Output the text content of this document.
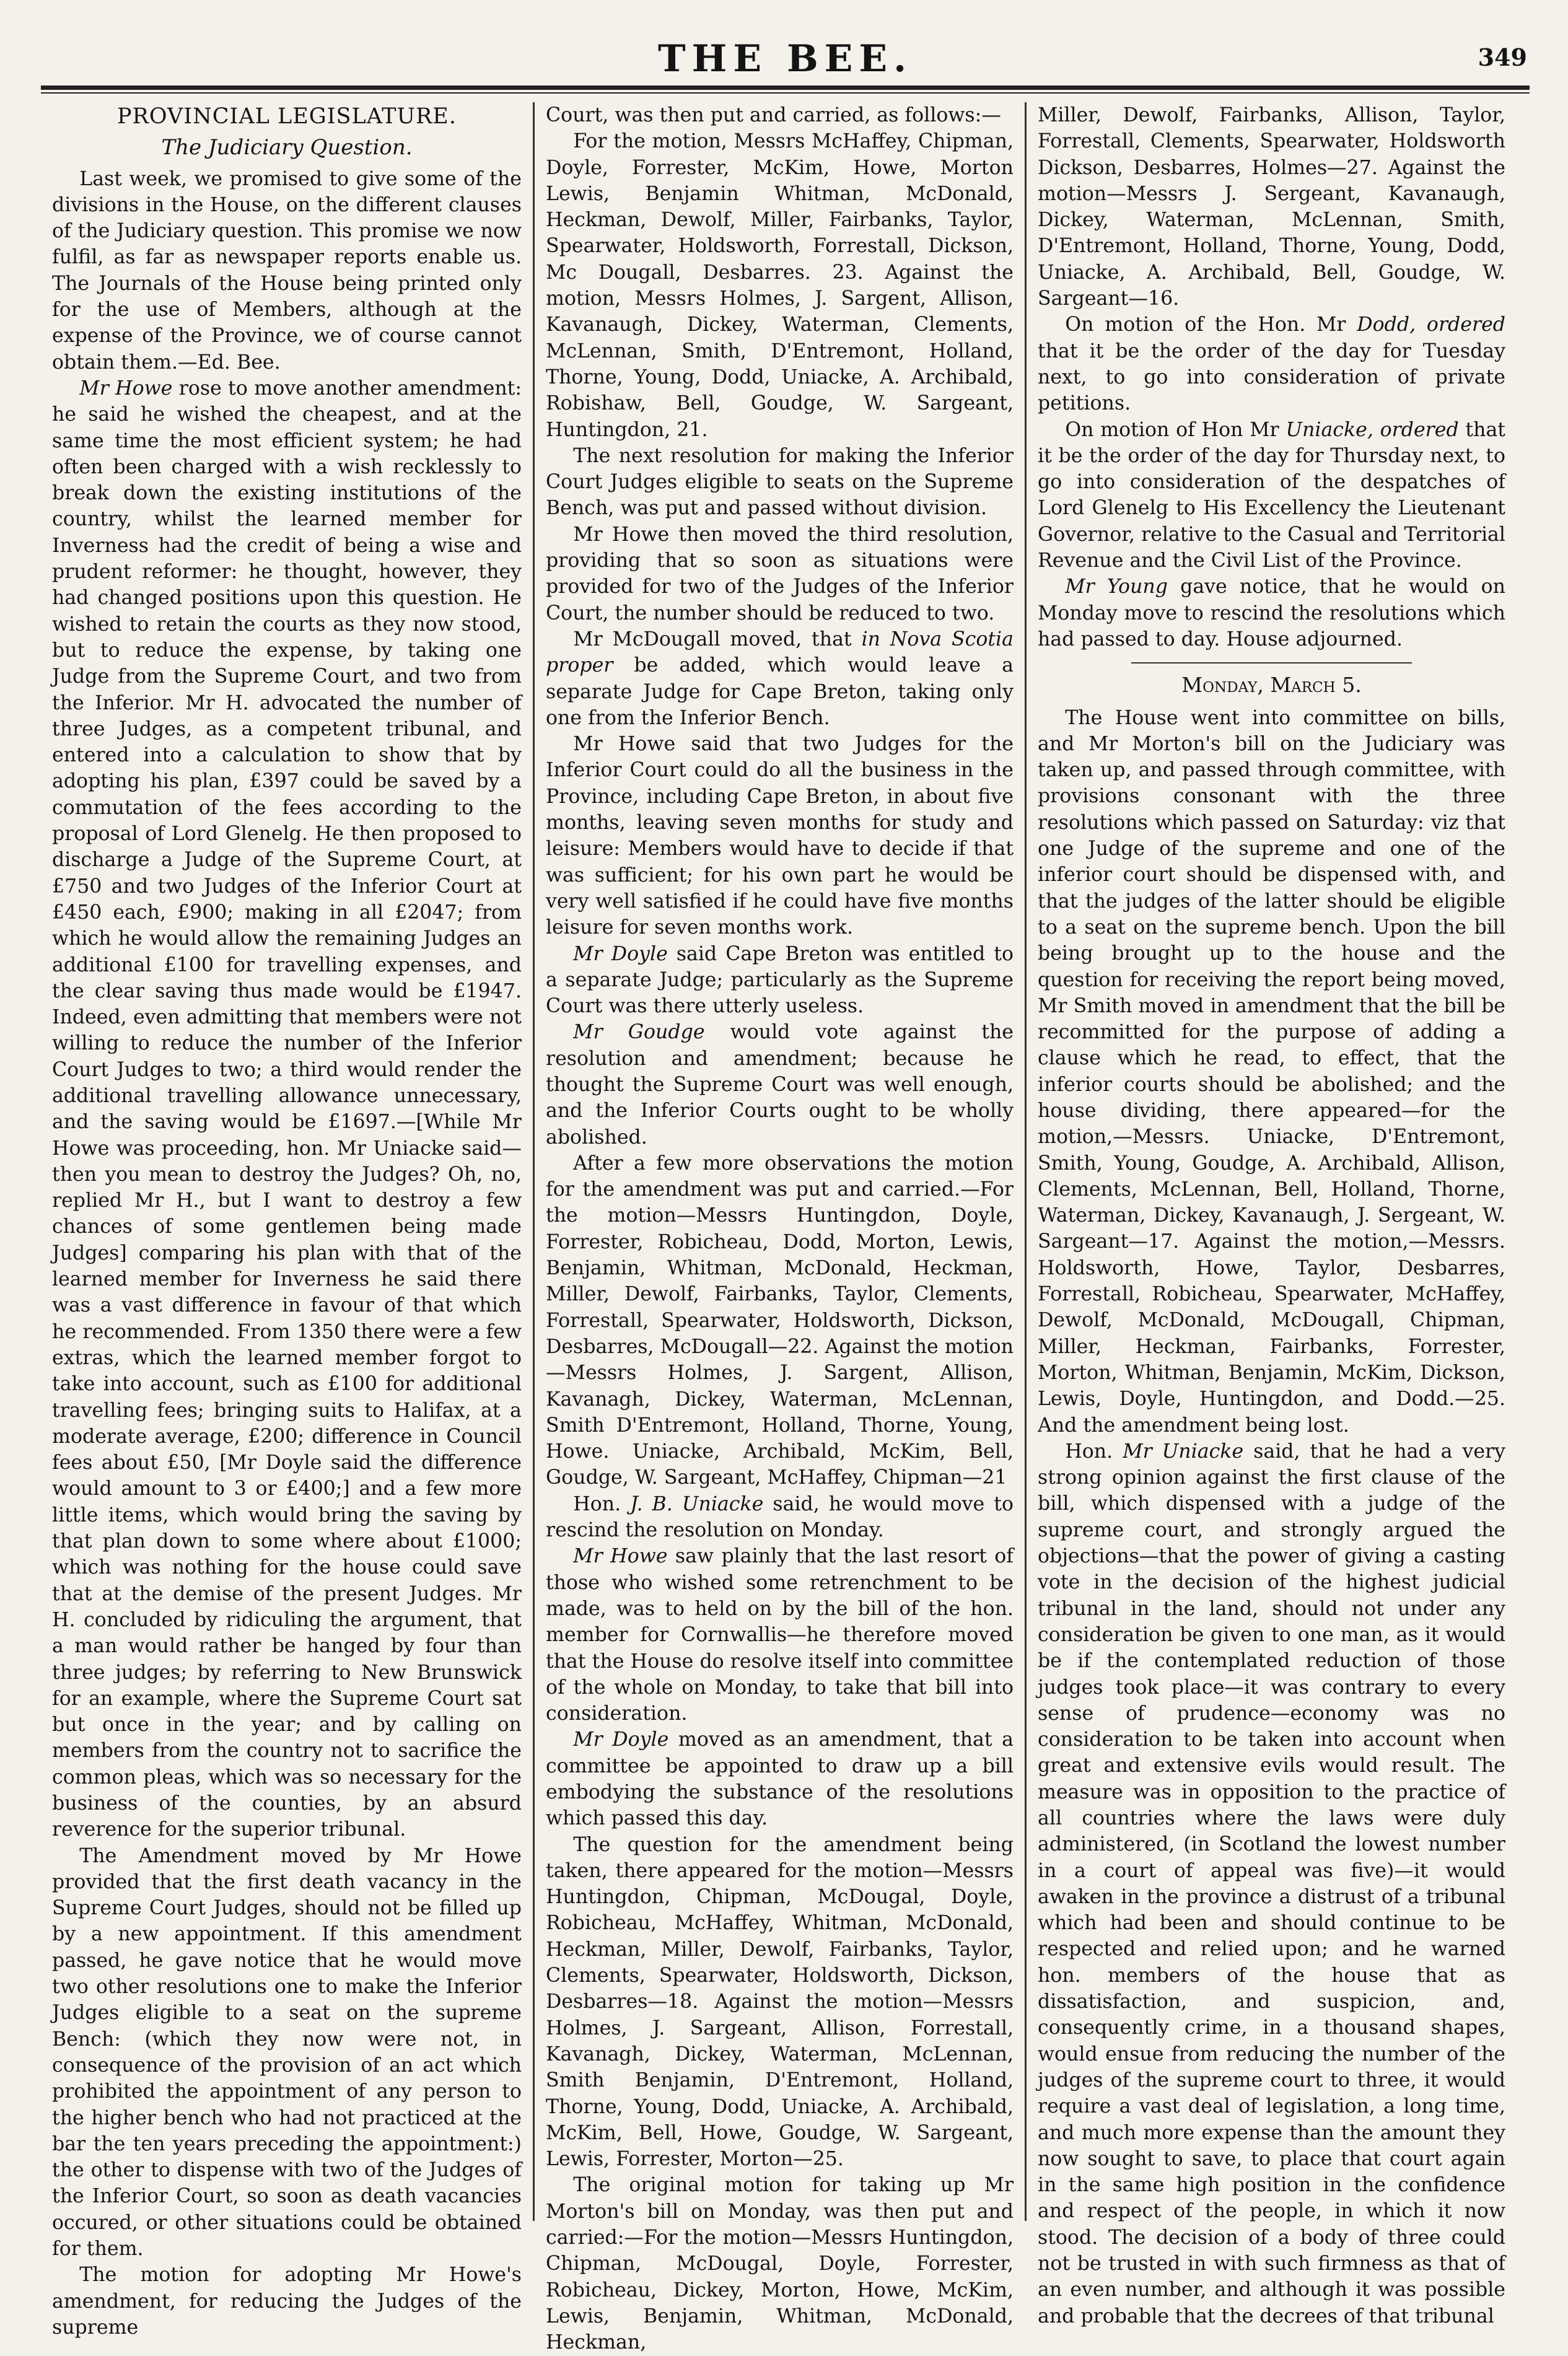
THE BEE.	349
PROVINCIAL LEGISLATURE.
The Judiciary Question.

Last week, we promised to give some of the divisions in the House, on the different clauses of the Judiciary question. This promise we now fulfil, as far as newspaper reports enable us. The Journals of the House being printed only for the use of Members, although at the expense of the Province, we of course cannot obtain them.—Ed. Bee.

Mr Howe rose to move another amendment: he said he wished the cheapest, and at the same time the most efficient system; he had often been charged with a wish recklessly to break down the existing institutions of the country, whilst the learned member for Inverness had the credit of being a wise and prudent reformer: he thought, however, they had changed positions upon this question. He wished to retain the courts as they now stood, but to reduce the expense, by taking one Judge from the Supreme Court, and two from the Inferior. Mr H. advocated the number of three Judges, as a competent tribunal, and entered into a calculation to show that by adopting his plan, £397 could be saved by a commutation of the fees according to the proposal of Lord Glenelg. He then proposed to discharge a Judge of the Supreme Court, at £750 and two Judges of the Inferior Court at £450 each, £900; making in all £2047; from which he would allow the remaining Judges an additional £100 for travelling expenses, and the clear saving thus made would be £1947. Indeed, even admitting that members were not willing to reduce the number of the Inferior Court Judges to two; a third would render the additional travelling allowance unnecessary, and the saving would be £1697.—[While Mr Howe was proceeding, hon. Mr Uniacke said—then you mean to destroy the Judges? Oh, no, replied Mr H., but I want to destroy a few chances of some gentlemen being made Judges] comparing his plan with that of the learned member for Inverness he said there was a vast difference in favour of that which he recommended. From 1350 there were a few extras, which the learned member forgot to take into account, such as £100 for additional travelling fees; bringing suits to Halifax, at a moderate average, £200; difference in Council fees about £50, [Mr Doyle said the difference would amount to 3 or £400;] and a few more little items, which would bring the saving by that plan down to some where about £1000; which was nothing for the house could save that at the demise of the present Judges. Mr H. concluded by ridiculing the argument, that a man would rather be hanged by four than three judges; by referring to New Brunswick for an example, where the Supreme Court sat but once in the year; and by calling on members from the country not to sacrifice the common pleas, which was so necessary for the business of the counties, by an absurd reverence for the superior tribunal.

The Amendment moved by Mr Howe provided that the first death vacancy in the Supreme Court Judges, should not be filled up by a new appointment. If this amendment passed, he gave notice that he would move two other resolutions one to make the Inferior Judges eligible to a seat on the supreme Bench: (which they now were not, in consequence of the provision of an act which prohibited the appointment of any person to the higher bench who had not practiced at the bar the ten years preceding the appointment:) the other to dispense with two of the Judges of the Inferior Court, so soon as death vacancies occured, or other situations could be obtained for them.

The motion for adopting Mr Howe's amendment, for reducing the Judges of the supreme

Court, was then put and carried, as follows:—

For the motion, Messrs McHaffey, Chipman, Doyle, Forrester, McKim, Howe, Morton Lewis, Benjamin Whitman, McDonald, Heckman, Dewolf, Miller, Fairbanks, Taylor, Spearwater, Holdsworth, Forrestall, Dickson, Mc Dougall, Desbarres. 23. Against the motion, Messrs Holmes, J. Sargent, Allison, Kavanaugh, Dickey, Waterman, Clements, McLennan, Smith, D'Entremont, Holland, Thorne, Young, Dodd, Uniacke, A. Archibald, Robishaw, Bell, Goudge, W. Sargeant, Huntingdon, 21.

The next resolution for making the Inferior Court Judges eligible to seats on the Supreme Bench, was put and passed without division.

Mr Howe then moved the third resolution, providing that so soon as situations were provided for two of the Judges of the Inferior Court, the number should be reduced to two.

Mr McDougall moved, that in Nova Scotia proper be added, which would leave a separate Judge for Cape Breton, taking only one from the Inferior Bench.

Mr Howe said that two Judges for the Inferior Court could do all the business in the Province, including Cape Breton, in about five months, leaving seven months for study and leisure: Members would have to decide if that was sufficient; for his own part he would be very well satisfied if he could have five months leisure for seven months work.

Mr Doyle said Cape Breton was entitled to a separate Judge; particularly as the Supreme Court was there utterly useless.

Mr Goudge would vote against the resolution and amendment; because he thought the Supreme Court was well enough, and the Inferior Courts ought to be wholly abolished.

After a few more observations the motion for the amendment was put and carried.—For the motion—Messrs Huntingdon, Doyle, Forrester, Robicheau, Dodd, Morton, Lewis, Benjamin, Whitman, McDonald, Heckman, Miller, Dewolf, Fairbanks, Taylor, Clements, Forrestall, Spearwater, Holdsworth, Dickson, Desbarres, McDougall—22. Against the motion—Messrs Holmes, J. Sargent, Allison, Kavanagh, Dickey, Waterman, McLennan, Smith D'Entremont, Holland, Thorne, Young, Howe. Uniacke, Archibald, McKim, Bell, Goudge, W. Sargeant, McHaffey, Chipman—21

Hon. J. B. Uniacke said, he would move to rescind the resolution on Monday.

Mr Howe saw plainly that the last resort of those who wished some retrenchment to be made, was to held on by the bill of the hon. member for Cornwallis—he therefore moved that the House do resolve itself into committee of the whole on Monday, to take that bill into consideration.

Mr Doyle moved as an amendment, that a committee be appointed to draw up a bill embodying the substance of the resolutions which passed this day.

The question for the amendment being taken, there appeared for the motion—Messrs Huntingdon, Chipman, McDougal, Doyle, Robicheau, McHaffey, Whitman, McDonald, Heckman, Miller, Dewolf, Fairbanks, Taylor, Clements, Spearwater, Holdsworth, Dickson, Desbarres—18. Against the motion—Messrs Holmes, J. Sargeant, Allison, Forrestall, Kavanagh, Dickey, Waterman, McLennan, Smith Benjamin, D'Entremont, Holland, Thorne, Young, Dodd, Uniacke, A. Archibald, McKim, Bell, Howe, Goudge, W. Sargeant, Lewis, Forrester, Morton—25.

The original motion for taking up Mr Morton's bill on Monday, was then put and carried:—For the motion—Messrs Huntingdon, Chipman, McDougal, Doyle, Forrester, Robicheau, Dickey, Morton, Howe, McKim, Lewis, Benjamin, Whitman, McDonald, Heckman,

Miller, Dewolf, Fairbanks, Allison, Taylor, Forrestall, Clements, Spearwater, Holdsworth Dickson, Desbarres, Holmes—27. Against the motion—Messrs J. Sergeant, Kavanaugh, Dickey, Waterman, McLennan, Smith, D'Entremont, Holland, Thorne, Young, Dodd, Uniacke, A. Archibald, Bell, Goudge, W. Sargeant—16.

On motion of the Hon. Mr Dodd, ordered that it be the order of the day for Tuesday next, to go into consideration of private petitions.

On motion of Hon Mr Uniacke, ordered that it be the order of the day for Thursday next, to go into consideration of the despatches of Lord Glenelg to His Excellency the Lieutenant Governor, relative to the Casual and Territorial Revenue and the Civil List of the Province.

Mr Young gave notice, that he would on Monday move to rescind the resolutions which had passed to day. House adjourned.

Monday, March 5.

The House went into committee on bills, and Mr Morton's bill on the Judiciary was taken up, and passed through committee, with provisions consonant with the three resolutions which passed on Saturday: viz that one Judge of the supreme and one of the inferior court should be dispensed with, and that the judges of the latter should be eligible to a seat on the supreme bench. Upon the bill being brought up to the house and the question for receiving the report being moved, Mr Smith moved in amendment that the bill be recommitted for the purpose of adding a clause which he read, to effect, that the inferior courts should be abolished; and the house dividing, there appeared—for the motion,—Messrs. Uniacke, D'Entremont, Smith, Young, Goudge, A. Archibald, Allison, Clements, McLennan, Bell, Holland, Thorne, Waterman, Dickey, Kavanaugh, J. Sergeant, W. Sargeant—17. Against the motion,—Messrs. Holdsworth, Howe, Taylor, Desbarres, Forrestall, Robicheau, Spearwater, McHaffey, Dewolf, McDonald, McDougall, Chipman, Miller, Heckman, Fairbanks, Forrester, Morton, Whitman, Benjamin, McKim, Dickson, Lewis, Doyle, Huntingdon, and Dodd.—25. And the amendment being lost.

Hon. Mr Uniacke said, that he had a very strong opinion against the first clause of the bill, which dispensed with a judge of the supreme court, and strongly argued the objections—that the power of giving a casting vote in the decision of the highest judicial tribunal in the land, should not under any consideration be given to one man, as it would be if the contemplated reduction of those judges took place—it was contrary to every sense of prudence—economy was no consideration to be taken into account when great and extensive evils would result. The measure was in opposition to the practice of all countries where the laws were duly administered, (in Scotland the lowest number in a court of appeal was five)—it would awaken in the province a distrust of a tribunal which had been and should continue to be respected and relied upon; and he warned hon. members of the house that as dissatisfaction, and suspicion, and, consequently crime, in a thousand shapes, would ensue from reducing the number of the judges of the supreme court to three, it would require a vast deal of legislation, a long time, and much more expense than the amount they now sought to save, to place that court again in the same high position in the confidence and respect of the people, in which it now stood. The decision of a body of three could not be trusted in with such firmness as that of an even number, and although it was possible and probable that the decrees of that tribunal
